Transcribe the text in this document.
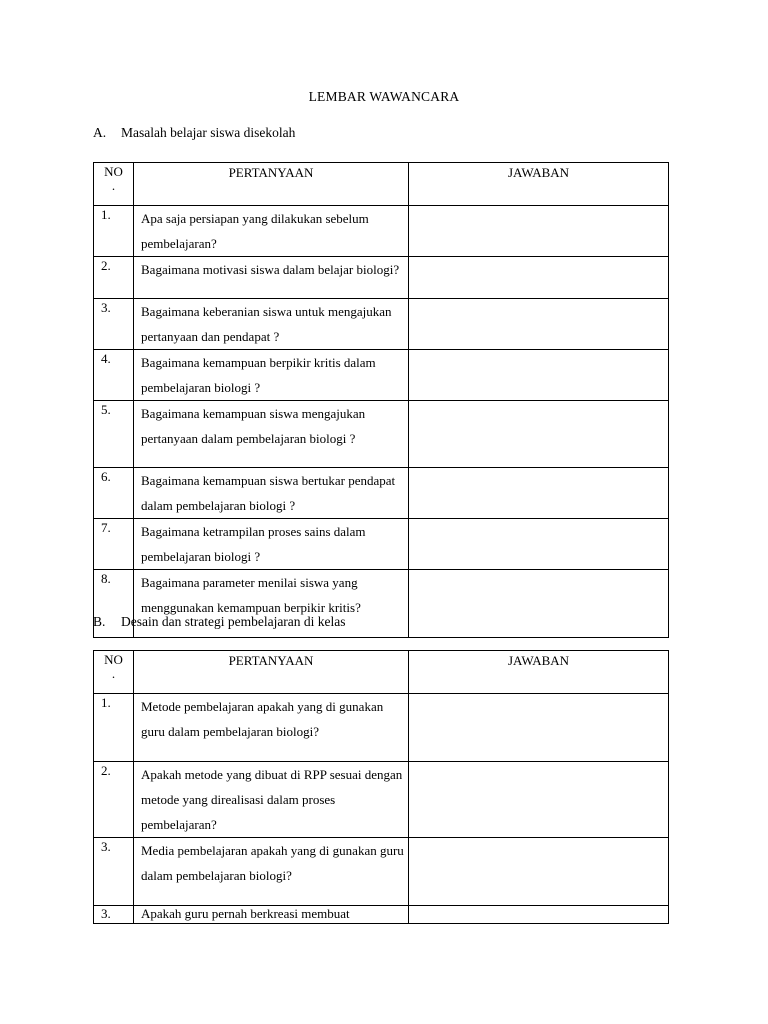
LEMBAR WAWANCARA
A. Masalah belajar siswa disekolah
NO
.	PERTANYAAN	JAWABAN
1.	Apa saja persiapan yang dilakukan sebelum pembelajaran?	
2.	Bagaimana motivasi siswa dalam belajar biologi?	
3.	Bagaimana keberanian siswa untuk mengajukan pertanyaan dan pendapat ?	
4.	Bagaimana kemampuan berpikir kritis dalam pembelajaran biologi ?	
5.	Bagaimana kemampuan siswa mengajukan pertanyaan dalam pembelajaran biologi ?	
6.	Bagaimana kemampuan siswa bertukar pendapat dalam pembelajaran biologi ?	
7.	Bagaimana ketrampilan proses sains dalam pembelajaran biologi ?	
8.	Bagaimana parameter menilai siswa yang menggunakan kemampuan berpikir kritis?	
B. Desain dan strategi pembelajaran di kelas
NO
.	PERTANYAAN	JAWABAN
1.	Metode pembelajaran apakah yang di gunakan guru dalam pembelajaran biologi?	
2.	Apakah metode yang dibuat di RPP sesuai dengan metode yang direalisasi dalam proses pembelajaran?	
3.	Media pembelajaran apakah yang di gunakan guru dalam pembelajaran biologi?	
3.	Apakah guru pernah berkreasi membuat	
